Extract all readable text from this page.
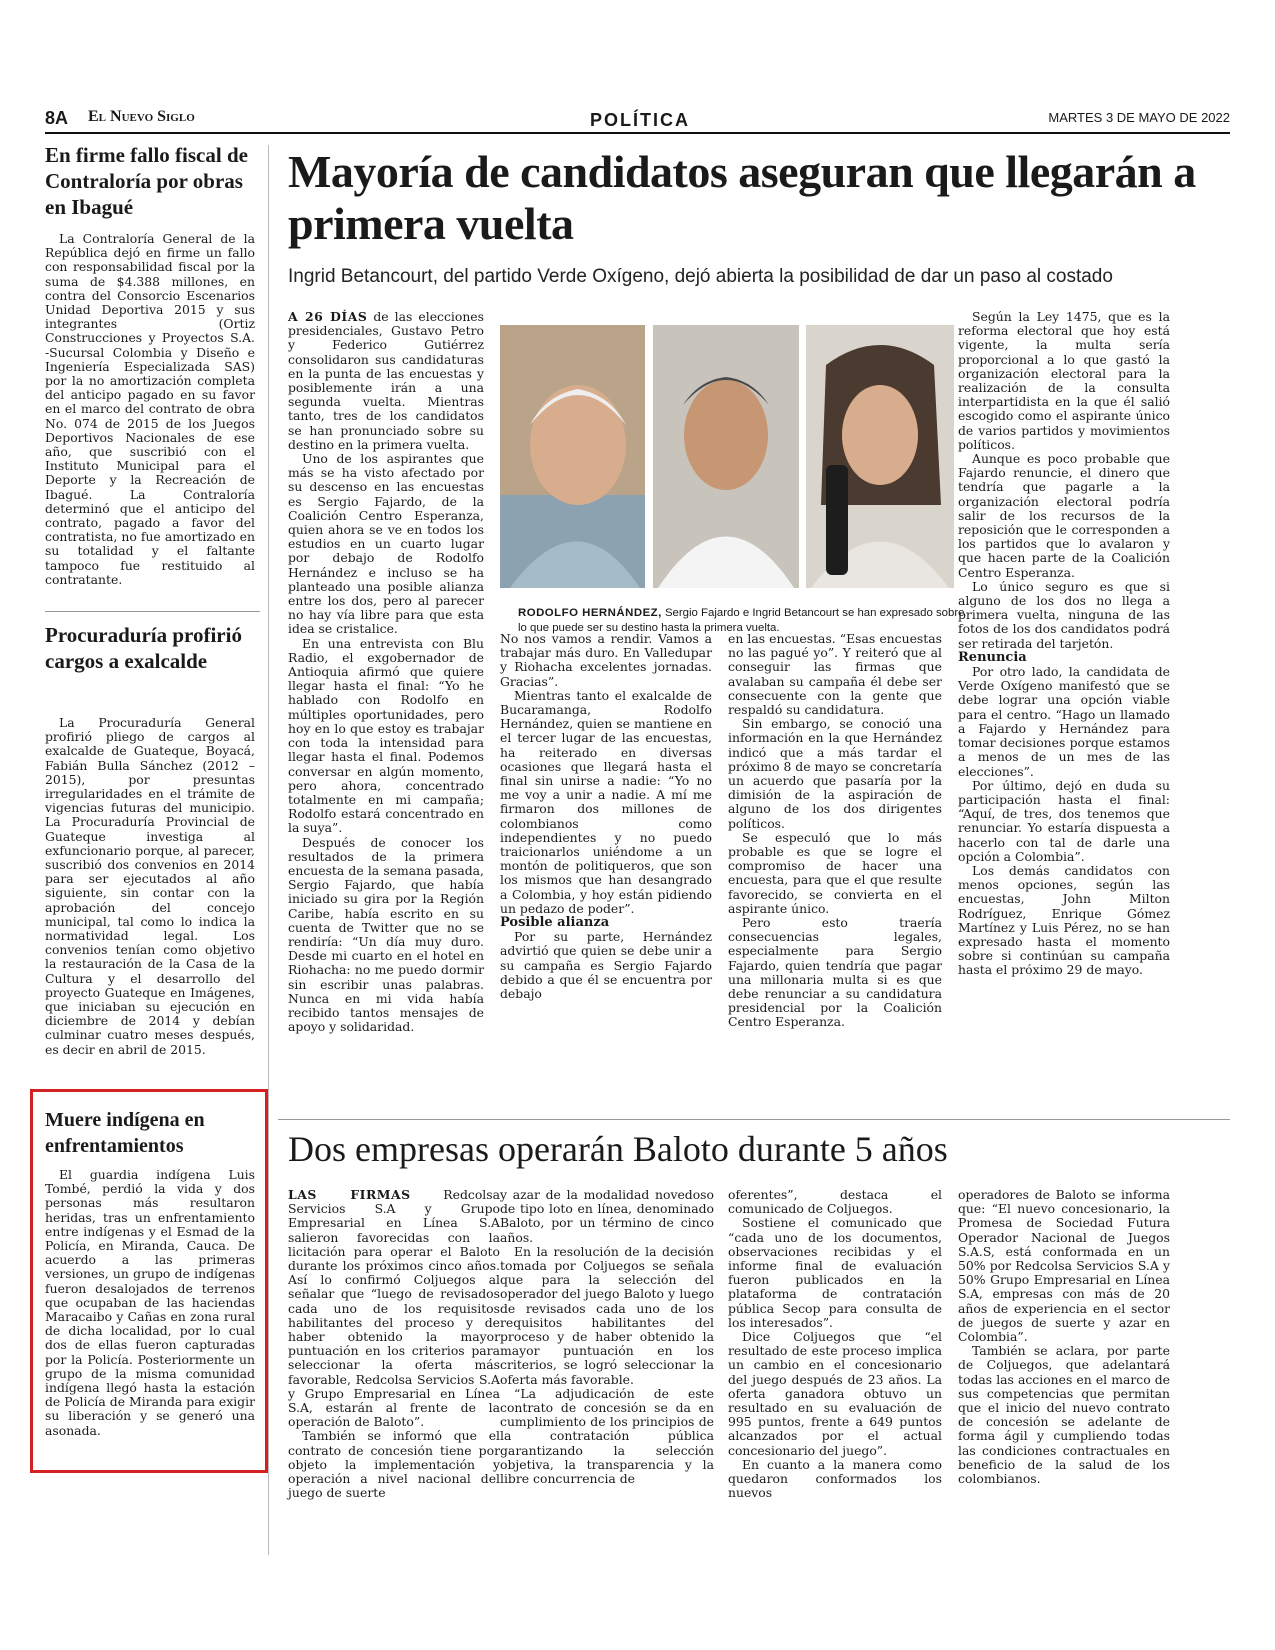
8A El Nuevo Siglo	POLÍTICA	MARTES 3 DE MAYO DE 2022
En firme fallo fiscal de Contraloría por obras en Ibagué

La Contraloría General de la República dejó en firme un fallo con responsabilidad fiscal por la suma de $4.388 millones, en contra del Consorcio Escenarios Unidad Deportiva 2015 y sus integrantes (Ortiz Construcciones y Proyectos S.A. -Sucursal Colombia y Diseño e Ingeniería Especializada SAS) por la no amortización completa del anticipo pagado en su favor en el marco del contrato de obra No. 074 de 2015 de los Juegos Deportivos Nacionales de ese año, que suscribió con el Instituto Municipal para el Deporte y la Recreación de Ibagué. La Contraloría determinó que el anticipo del contrato, pagado a favor del contratista, no fue amortizado en su totalidad y el faltante tampoco fue restituido al contratante.

Procuraduría profirió cargos a exalcalde

La Procuraduría General profirió pliego de cargos al exalcalde de Guateque, Boyacá, Fabián Bulla Sánchez (2012 – 2015), por presuntas irregularidades en el trámite de vigencias futuras del municipio. La Procuraduría Provincial de Guateque investiga al exfuncionario porque, al parecer, suscribió dos convenios en 2014 para ser ejecutados al año siguiente, sin contar con la aprobación del concejo municipal, tal como lo indica la normatividad legal. Los convenios tenían como objetivo la restauración de la Casa de la Cultura y el desarrollo del proyecto Guateque en Imágenes, que iniciaban su ejecución en diciembre de 2014 y debían culminar cuatro meses después, es decir en abril de 2015.

Muere indígena en enfrentamientos

El guardia indígena Luis Tombé, perdió la vida y dos personas más resultaron heridas, tras un enfrentamiento entre indígenas y el Esmad de la Policía, en Miranda, Cauca. De acuerdo a las primeras versiones, un grupo de indígenas fueron desalojados de terrenos que ocupaban de las haciendas Maracaibo y Cañas en zona rural de dicha localidad, por lo cual dos de ellas fueron capturadas por la Policía. Posteriormente un grupo de la misma comunidad indígena llegó hasta la estación de Policía de Miranda para exigir su liberación y se generó una asonada.

Mayoría de candidatos aseguran que llegarán a primera vuelta
Ingrid Betancourt, del partido Verde Oxígeno, dejó abierta la posibilidad de dar un paso al costado

A 26 DÍAS de las elecciones presidenciales, Gustavo Petro y Federico Gutiérrez consolidaron sus candidaturas en la punta de las encuestas y posiblemente irán a una segunda vuelta. Mientras tanto, tres de los candidatos se han pronunciado sobre su destino en la primera vuelta.

Uno de los aspirantes que más se ha visto afectado por su descenso en las encuestas es Sergio Fajardo, de la Coalición Centro Esperanza, quien ahora se ve en todos los estudios en un cuarto lugar por debajo de Rodolfo Hernández e incluso se ha planteado una posible alianza entre los dos, pero al parecer no hay vía libre para que esta idea se cristalice.

En una entrevista con Blu Radio, el exgobernador de Antioquia afirmó que quiere llegar hasta el final: “Yo he hablado con Rodolfo en múltiples oportunidades, pero hoy en lo que estoy es trabajar con toda la intensidad para llegar hasta el final. Podemos conversar en algún momento, pero ahora, concentrado totalmente en mi campaña; Rodolfo estará concentrado en la suya”.

Después de conocer los resultados de la primera encuesta de la semana pasada, Sergio Fajardo, que había iniciado su gira por la Región Caribe, había escrito en su cuenta de Twitter que no se rendiría: “Un día muy duro. Desde mi cuarto en el hotel en Riohacha: no me puedo dormir sin escribir unas palabras. Nunca en mi vida había recibido tantos mensajes de apoyo y solidaridad.

RODOLFO HERNÁNDEZ, Sergio Fajardo e Ingrid Betancourt se han expresado sobre lo que puede ser su destino hasta la primera vuelta.

No nos vamos a rendir. Vamos a trabajar más duro. En Valledupar y Riohacha excelentes jornadas. Gracias”.

Mientras tanto el exalcalde de Bucaramanga, Rodolfo Hernández, quien se mantiene en el tercer lugar de las encuestas, ha reiterado en diversas ocasiones que llegará hasta el final sin unirse a nadie: “Yo no me voy a unir a nadie. A mí me firmaron dos millones de colombianos como independientes y no puedo traicionarlos uniéndome a un montón de politiqueros, que son los mismos que han desangrado a Colombia, y hoy están pidiendo un pedazo de poder”.

Posible alianza

Por su parte, Hernández advirtió que quien se debe unir a su campaña es Sergio Fajardo debido a que él se encuentra por debajo

en las encuestas. “Esas encuestas no las pagué yo”. Y reiteró que al conseguir las firmas que avalaban su campaña él debe ser consecuente con la gente que respaldó su candidatura.

Sin embargo, se conoció una información en la que Hernández indicó que a más tardar el próximo 8 de mayo se concretaría un acuerdo que pasaría por la dimisión de la aspiración de alguno de los dos dirigentes políticos.

Se especuló que lo más probable es que se logre el compromiso de hacer una encuesta, para que el que resulte favorecido, se convierta en el aspirante único.

Pero esto traería consecuencias legales, especialmente para Sergio Fajardo, quien tendría que pagar una millonaria multa si es que debe renunciar a su candidatura presidencial por la Coalición Centro Esperanza.

Según la Ley 1475, que es la reforma electoral que hoy está vigente, la multa sería proporcional a lo que gastó la organización electoral para la realización de la consulta interpartidista en la que él salió escogido como el aspirante único de varios partidos y movimientos políticos.

Aunque es poco probable que Fajardo renuncie, el dinero que tendría que pagarle a la organización electoral podría salir de los recursos de la reposición que le corresponden a los partidos que lo avalaron y que hacen parte de la Coalición Centro Esperanza.

Lo único seguro es que si alguno de los dos no llega a primera vuelta, ninguna de las fotos de los dos candidatos podrá ser retirada del tarjetón.

Renuncia

Por otro lado, la candidata de Verde Oxígeno manifestó que se debe lograr una opción viable para el centro. “Hago un llamado a Fajardo y Hernández para tomar decisiones porque estamos a menos de un mes de las elecciones”.

Por último, dejó en duda su participación hasta el final: “Aquí, de tres, dos tenemos que renunciar. Yo estaría dispuesta a hacerlo con tal de darle una opción a Colombia”.

Los demás candidatos con menos opciones, según las encuestas, John Milton Rodríguez, Enrique Gómez Martínez y Luis Pérez, no se han expresado hasta el momento sobre si continúan su campaña hasta el próximo 29 de mayo.

Dos empresas operarán Baloto durante 5 años

LAS FIRMAS	Redcolsa Servicios S.A y Grupo Empresarial en Línea S.A salieron favorecidas con la licitación para operar el Baloto durante los próximos cinco años. Así lo confirmó Coljuegos al señalar que “luego de revisados cada uno de los requisitos habilitantes del proceso y de haber obtenido la mayor puntuación en los criterios para seleccionar la oferta más favorable, Redcolsa Servicios S.A y Grupo Empresarial en Línea S.A, estarán al frente de la operación de Baloto”.

También se informó que el contrato de concesión tiene por objeto la implementación y operación a nivel nacional del juego de suerte

y azar de la modalidad novedoso de tipo loto en línea, denominado Baloto, por un término de cinco años.

En la resolución de la decisión tomada por Coljuegos se señala que para la selección del operador del juego Baloto y luego de revisados cada uno de los requisitos habilitantes del proceso y de haber obtenido la mayor puntuación en los criterios, se logró seleccionar la oferta más favorable.

“La adjudicación de este contrato de concesión se da en cumplimiento de los principios de la contratación pública garantizando la selección objetiva, la transparencia y la libre concurrencia de

oferentes”, destaca el comunicado de Coljuegos.

Sostiene el comunicado que “cada uno de los documentos, observaciones recibidas y el informe final de evaluación fueron publicados en la plataforma de contratación pública Secop para consulta de los interesados”.

Dice Coljuegos que “el resultado de este proceso implica un cambio en el concesionario del juego después de 23 años. La oferta ganadora obtuvo un resultado en su evaluación de 995 puntos, frente a 649 puntos alcanzados por el actual concesionario del juego”.

En cuanto a la manera como quedaron conformados los nuevos

operadores de Baloto se informa que: “El nuevo concesionario, la Promesa de Sociedad Futura Operador Nacional de Juegos S.A.S, está conformada en un 50% por Redcolsa Servicios S.A y 50% Grupo Empresarial en Línea S.A, empresas con más de 20 años de experiencia en el sector de juegos de suerte y azar en Colombia”.

También se aclara, por parte de Coljuegos, que adelantará todas las acciones en el marco de sus competencias que permitan que el inicio del nuevo contrato de concesión se adelante de forma ágil y cumpliendo todas las condiciones contractuales en beneficio de la salud de los colombianos.
